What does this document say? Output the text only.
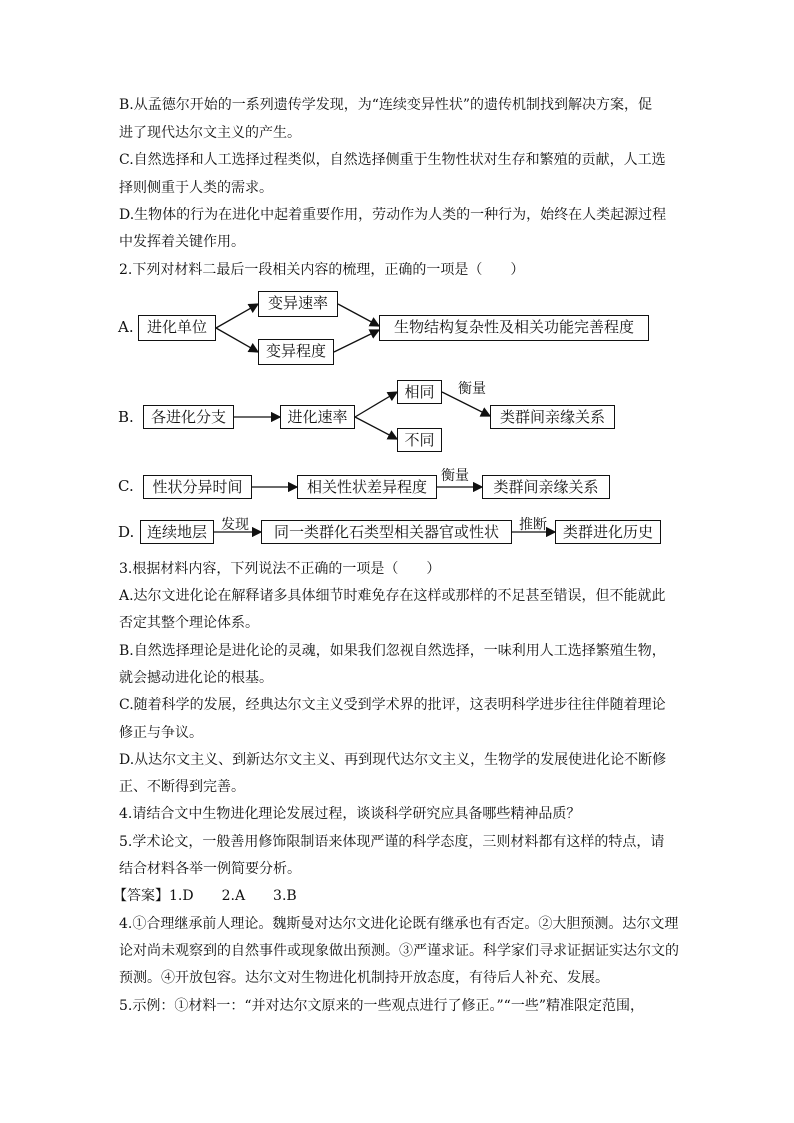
B.从孟德尔开始的一系列遗传学发现，为“连续变异性状”的遗传机制找到解决方案，促
进了现代达尔文主义的产生。
C.自然选择和人工选择过程类似，自然选择侧重于生物性状对生存和繁殖的贡献，人工选
择则侧重于人类的需求。
D.生物体的行为在进化中起着重要作用，劳动作为人类的一种行为，始终在人类起源过程
中发挥着关键作用。
2.下列对材料二最后一段相关内容的梳理，正确的一项是（　　）
A. 进化单位
变异速率
变异程度
生物结构复杂性及相关功能完善程度
B.	各进化分支	进化速率
相同
不同
衡量
类群间亲缘关系
C.	性状分异时间	相关性状差异程度
衡量
类群间亲缘关系
D. 连续地层	发现	同一类群化石类型相关器官或性状	推断	类群进化历史
3.根据材料内容，下列说法不正确的一项是（　　）
A.达尔文进化论在解释诸多具体细节时难免存在这样或那样的不足甚至错误，但不能就此
否定其整个理论体系。
B.自然选择理论是进化论的灵魂，如果我们忽视自然选择，一味利用人工选择繁殖生物，
就会撼动进化论的根基。
C.随着科学的发展，经典达尔文主义受到学术界的批评，这表明科学进步往往伴随着理论
修正与争议。
D.从达尔文主义、到新达尔文主义、再到现代达尔文主义，生物学的发展使进化论不断修
正、不断得到完善。
4.请结合文中生物进化理论发展过程，谈谈科学研究应具备哪些精神品质？
5.学术论文，一般善用修饰限制语来体现严谨的科学态度，三则材料都有这样的特点，请
结合材料各举一例简要分析。
【答案】1.D　　2.A　　3.B
4.①合理继承前人理论。魏斯曼对达尔文进化论既有继承也有否定。②大胆预测。达尔文理
论对尚未观察到的自然事件或现象做出预测。③严谨求证。科学家们寻求证据证实达尔文的
预测。④开放包容。达尔文对生物进化机制持开放态度，有待后人补充、发展。
5.示例：①材料一：“并对达尔文原来的一些观点进行了修正。”“一些”精准限定范围，
